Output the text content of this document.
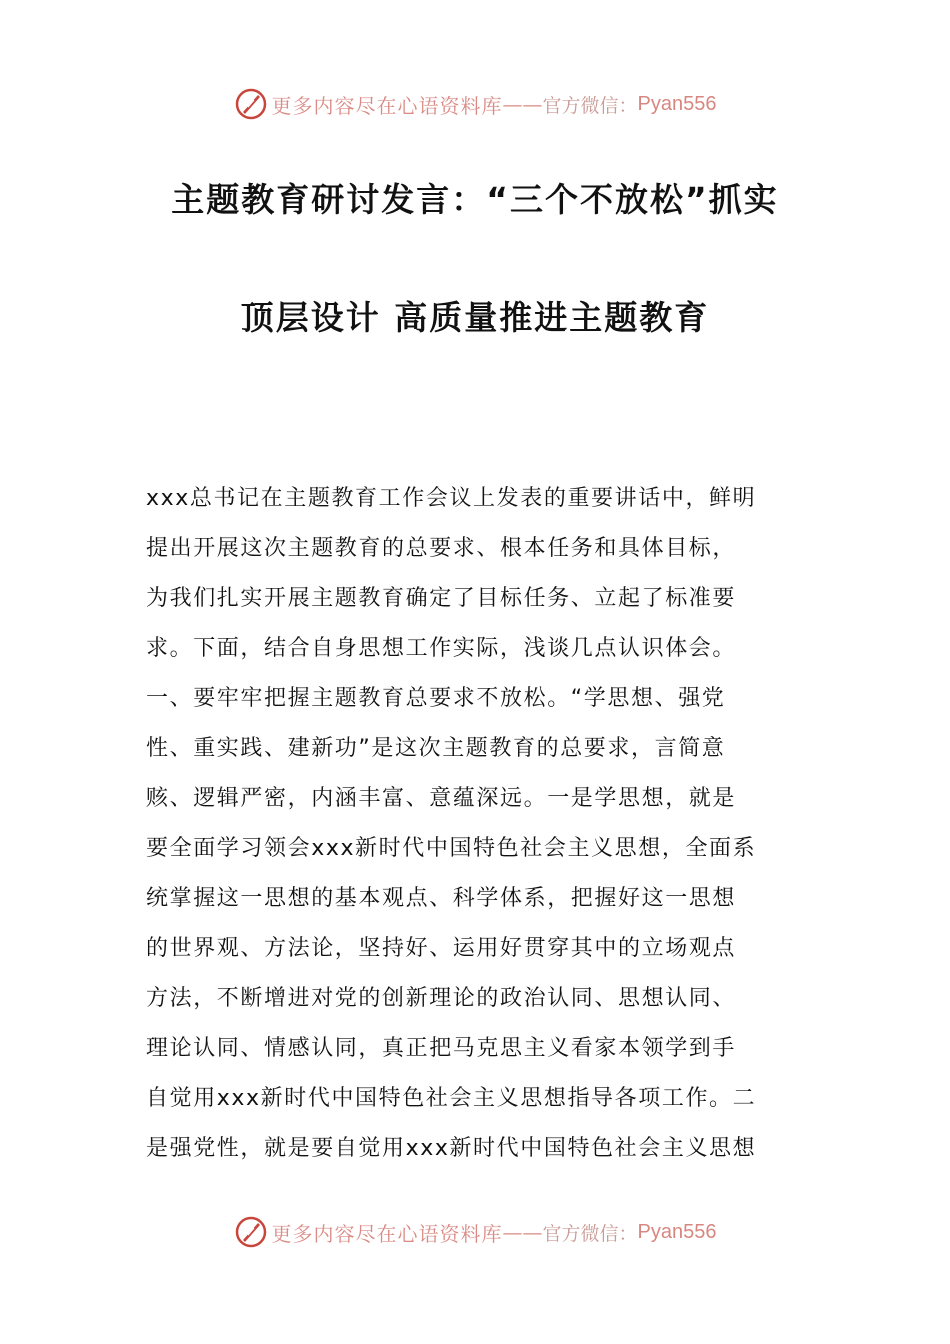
更多内容尽在心语资料库 —— 官方微信： Pyan556
主题教育研讨发言：“三个不放松”抓实
顶层设计 高质量推进主题教育
xxx总书记在主题教育工作会议上发表的重要讲话中，鲜明
提出开展这次主题教育的总要求、根本任务和具体目标，
为我们扎实开展主题教育确定了目标任务、立起了标准要
求。下面，结合自身思想工作实际，浅谈几点认识体会。
一、要牢牢把握主题教育总要求不放松。“学思想、强党
性、重实践、建新功”是这次主题教育的总要求，言简意
赅、逻辑严密，内涵丰富、意蕴深远。一是学思想，就是
要全面学习领会xxx新时代中国特色社会主义思想，全面系
统掌握这一思想的基本观点、科学体系，把握好这一思想
的世界观、方法论，坚持好、运用好贯穿其中的立场观点
方法，不断增进对党的创新理论的政治认同、思想认同、
理论认同、情感认同，真正把马克思主义看家本领学到手
自觉用xxx新时代中国特色社会主义思想指导各项工作。二
是强党性，就是要自觉用xxx新时代中国特色社会主义思想
更多内容尽在心语资料库 —— 官方微信： Pyan556
